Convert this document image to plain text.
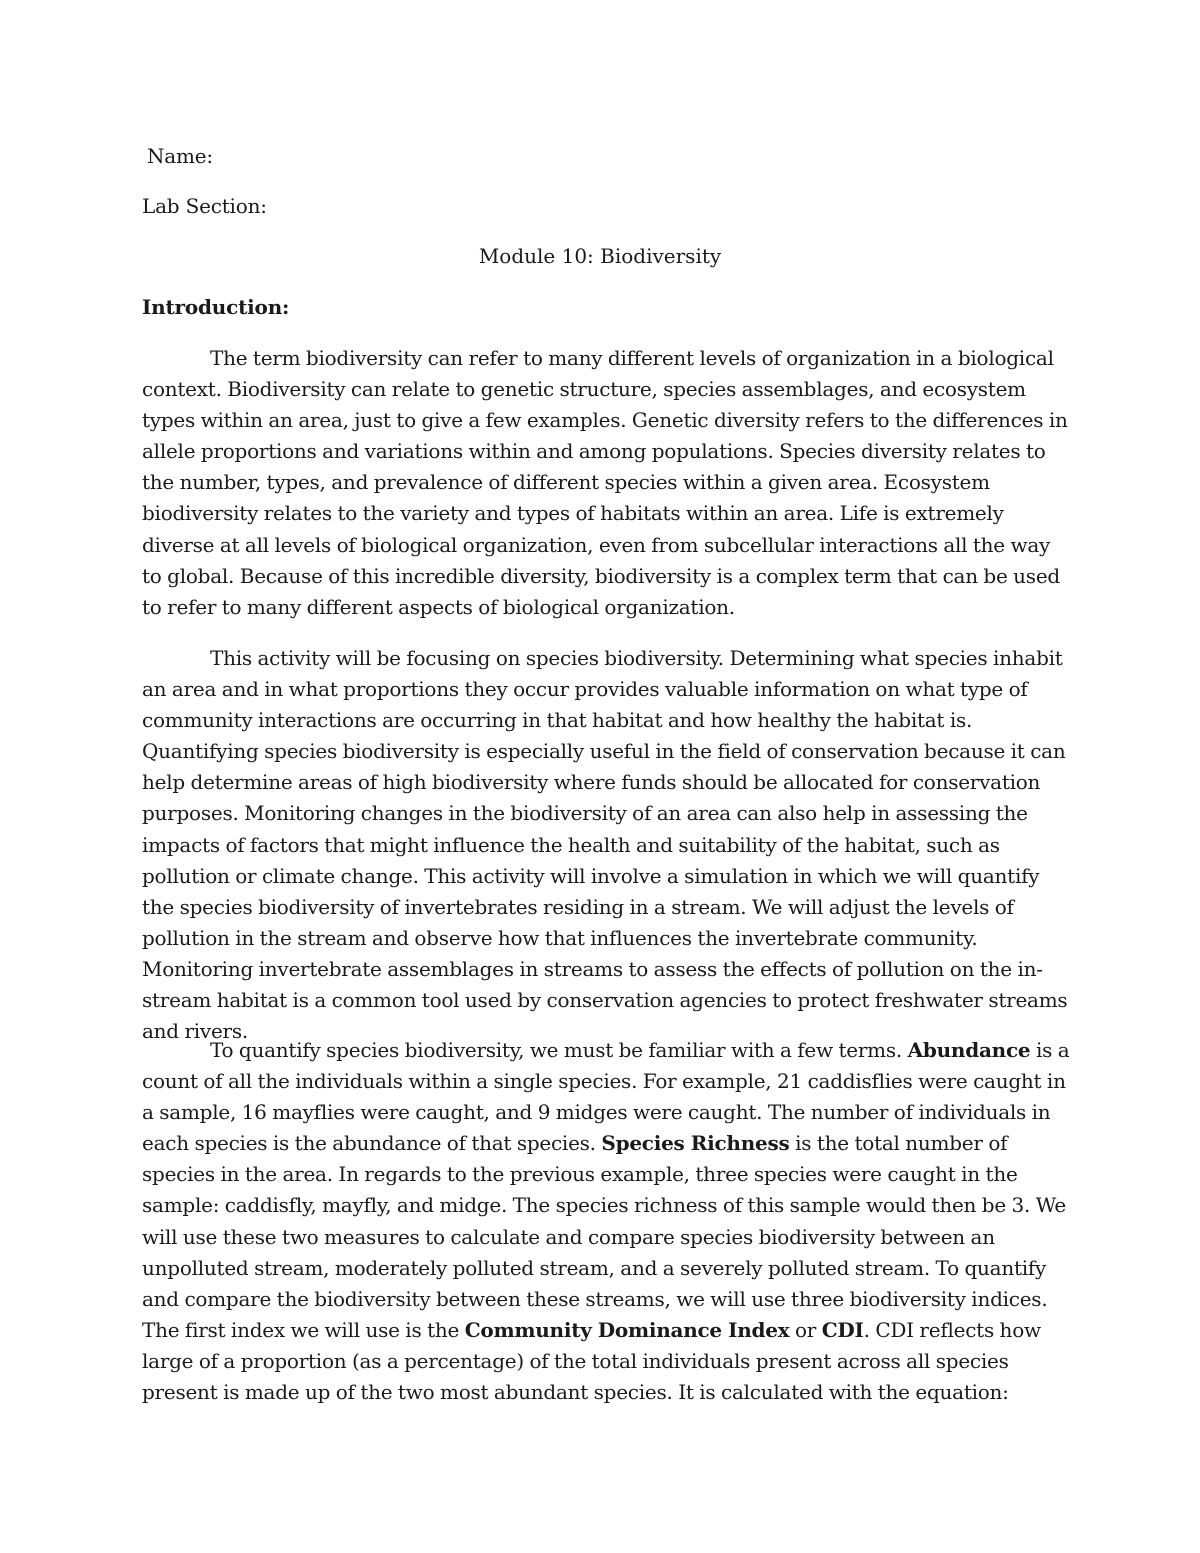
Name:
Lab Section:
Module 10: Biodiversity
Introduction:

The term biodiversity can refer to many different levels of organization in a biological context. Biodiversity can relate to genetic structure, species assemblages, and ecosystem types within an area, just to give a few examples. Genetic diversity refers to the differences in allele proportions and variations within and among populations. Species diversity relates to the number, types, and prevalence of different species within a given area. Ecosystem biodiversity relates to the variety and types of habitats within an area. Life is extremely diverse at all levels of biological organization, even from subcellular interactions all the way to global. Because of this incredible diversity, biodiversity is a complex term that can be used to refer to many different aspects of biological organization.

This activity will be focusing on species biodiversity. Determining what species inhabit an area and in what proportions they occur provides valuable information on what type of community interactions are occurring in that habitat and how healthy the habitat is. Quantifying species biodiversity is especially useful in the field of conservation because it can help determine areas of high biodiversity where funds should be allocated for conservation purposes. Monitoring changes in the biodiversity of an area can also help in assessing the impacts of factors that might influence the health and suitability of the habitat, such as pollution or climate change. This activity will involve a simulation in which we will quantify the species biodiversity of invertebrates residing in a stream. We will adjust the levels of pollution in the stream and observe how that influences the invertebrate community. Monitoring invertebrate assemblages in streams to assess the effects of pollution on the in-stream habitat is a common tool used by conservation agencies to protect freshwater streams and rivers.

To quantify species biodiversity, we must be familiar with a few terms. Abundance is a count of all the individuals within a single species. For example, 21 caddisflies were caught in a sample, 16 mayflies were caught, and 9 midges were caught. The number of individuals in each species is the abundance of that species. Species Richness is the total number of species in the area. In regards to the previous example, three species were caught in the sample: caddisfly, mayfly, and midge. The species richness of this sample would then be 3. We will use these two measures to calculate and compare species biodiversity between an unpolluted stream, moderately polluted stream, and a severely polluted stream. To quantify and compare the biodiversity between these streams, we will use three biodiversity indices. The first index we will use is the Community Dominance Index or CDI. CDI reflects how large of a proportion (as a percentage) of the total individuals present across all species present is made up of the two most abundant species. It is calculated with the equation:
